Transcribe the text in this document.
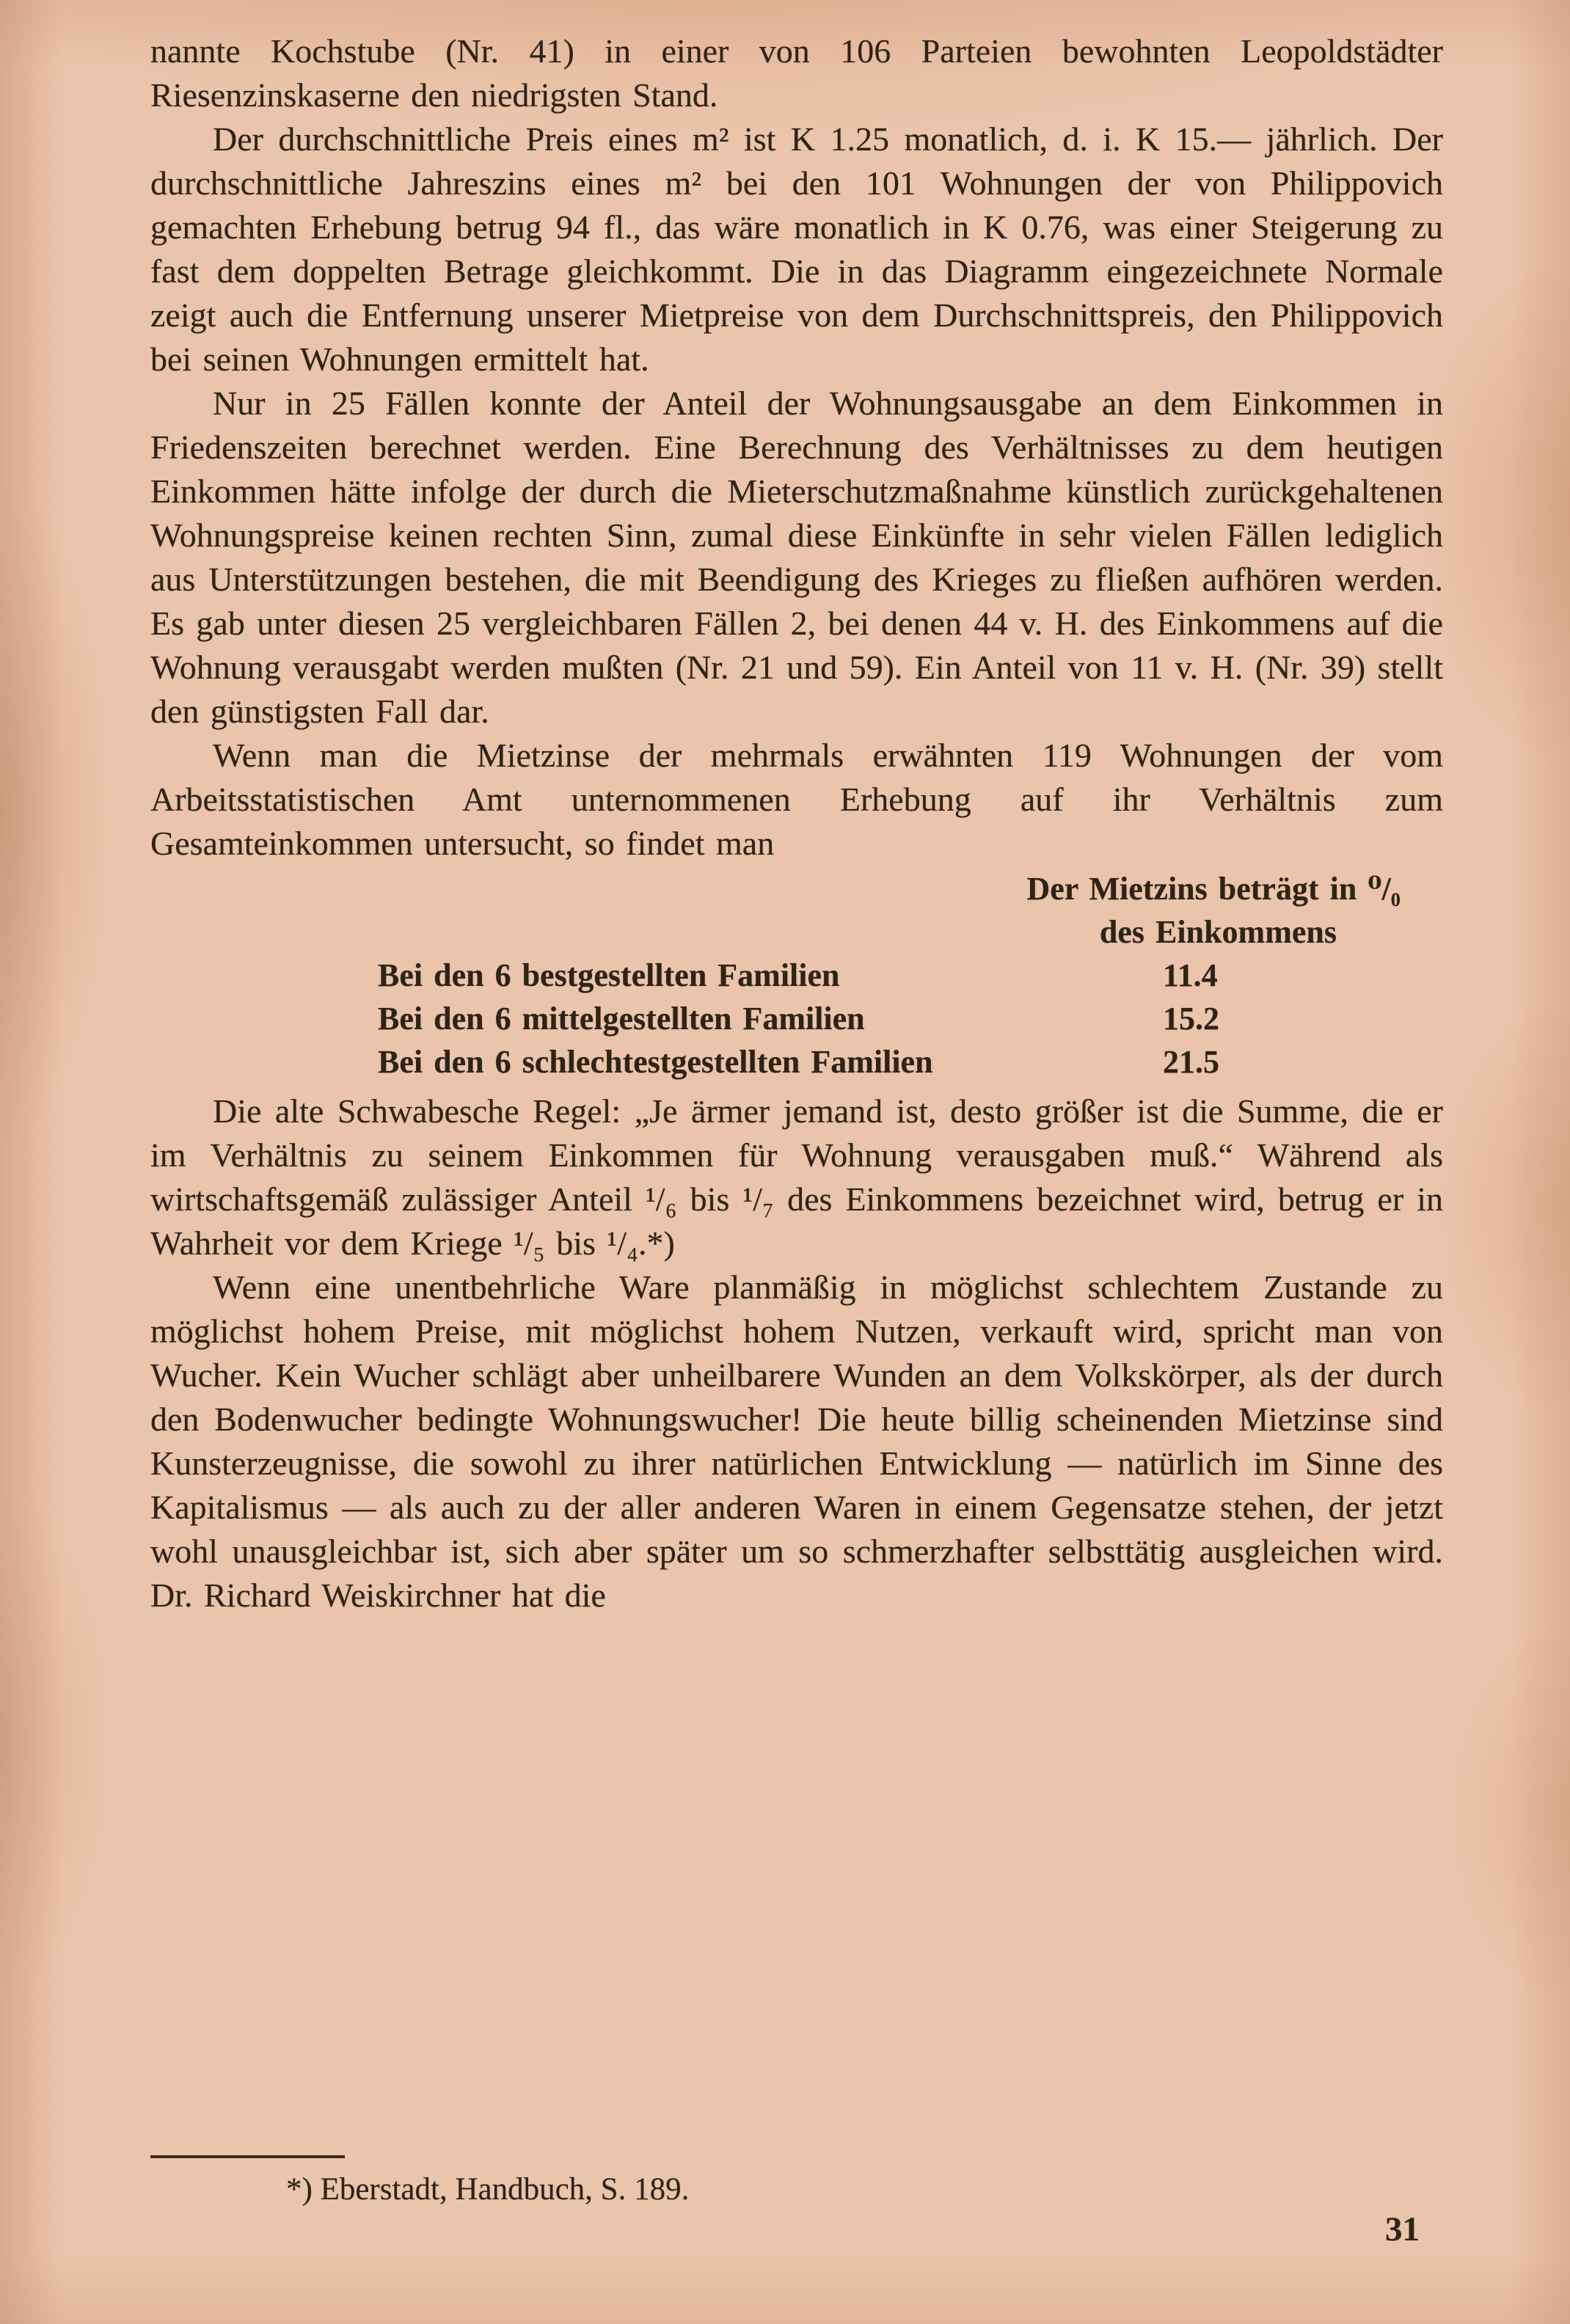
nannte Kochstube (Nr. 41) in einer von 106 Parteien bewohnten Leopoldstädter Riesenzinskaserne den niedrigsten Stand.

Der durchschnittliche Preis eines m² ist K 1.25 monatlich, d. i. K 15.— jährlich. Der durchschnittliche Jahreszins eines m² bei den 101 Wohnungen der von Philippovich gemachten Erhebung betrug 94 fl., das wäre monatlich in K 0.76, was einer Steigerung zu fast dem doppelten Betrage gleichkommt. Die in das Diagramm eingezeichnete Normale zeigt auch die Entfernung unserer Mietpreise von dem Durchschnittspreis, den Philippovich bei seinen Wohnungen ermittelt hat.

Nur in 25 Fällen konnte der Anteil der Wohnungsausgabe an dem Einkommen in Friedenszeiten berechnet werden. Eine Berechnung des Verhältnisses zu dem heutigen Einkommen hätte infolge der durch die Mieterschutzmaßnahme künstlich zurückgehaltenen Wohnungspreise keinen rechten Sinn, zumal diese Einkünfte in sehr vielen Fällen lediglich aus Unterstützungen bestehen, die mit Beendigung des Krieges zu fließen aufhören werden. Es gab unter diesen 25 vergleichbaren Fällen 2, bei denen 44 v. H. des Einkommens auf die Wohnung verausgabt werden mußten (Nr. 21 und 59). Ein Anteil von 11 v. H. (Nr. 39) stellt den günstigsten Fall dar.

Wenn man die Mietzinse der mehrmals erwähnten 119 Wohnungen der vom Arbeitsstatistischen Amt unternommenen Erhebung auf ihr Verhältnis zum Gesamteinkommen untersucht, so findet man

Der Mietzins beträgt in ⁰/₀
des Einkommens
Bei den 6 bestgestellten Familien	11.4
Bei den 6 mittelgestellten Familien	15.2
Bei den 6 schlechtestgestellten Familien	21.5

Die alte Schwabesche Regel: „Je ärmer jemand ist, desto größer ist die Summe, die er im Verhältnis zu seinem Einkommen für Wohnung verausgaben muß.“ Während als wirtschaftsgemäß zulässiger Anteil ¹/₆ bis ¹/₇ des Einkommens bezeichnet wird, betrug er in Wahrheit vor dem Kriege ¹/₅ bis ¹/₄.*)

Wenn eine unentbehrliche Ware planmäßig in möglichst schlechtem Zustande zu möglichst hohem Preise, mit möglichst hohem Nutzen, verkauft wird, spricht man von Wucher. Kein Wucher schlägt aber unheilbarere Wunden an dem Volkskörper, als der durch den Bodenwucher bedingte Wohnungswucher! Die heute billig scheinenden Mietzinse sind Kunsterzeugnisse, die sowohl zu ihrer natürlichen Entwicklung — natürlich im Sinne des Kapitalismus — als auch zu der aller anderen Waren in einem Gegensatze stehen, der jetzt wohl unausgleichbar ist, sich aber später um so schmerzhafter selbsttätig ausgleichen wird. Dr. Richard Weiskirchner hat die

*) Eberstadt, Handbuch, S. 189.
31
